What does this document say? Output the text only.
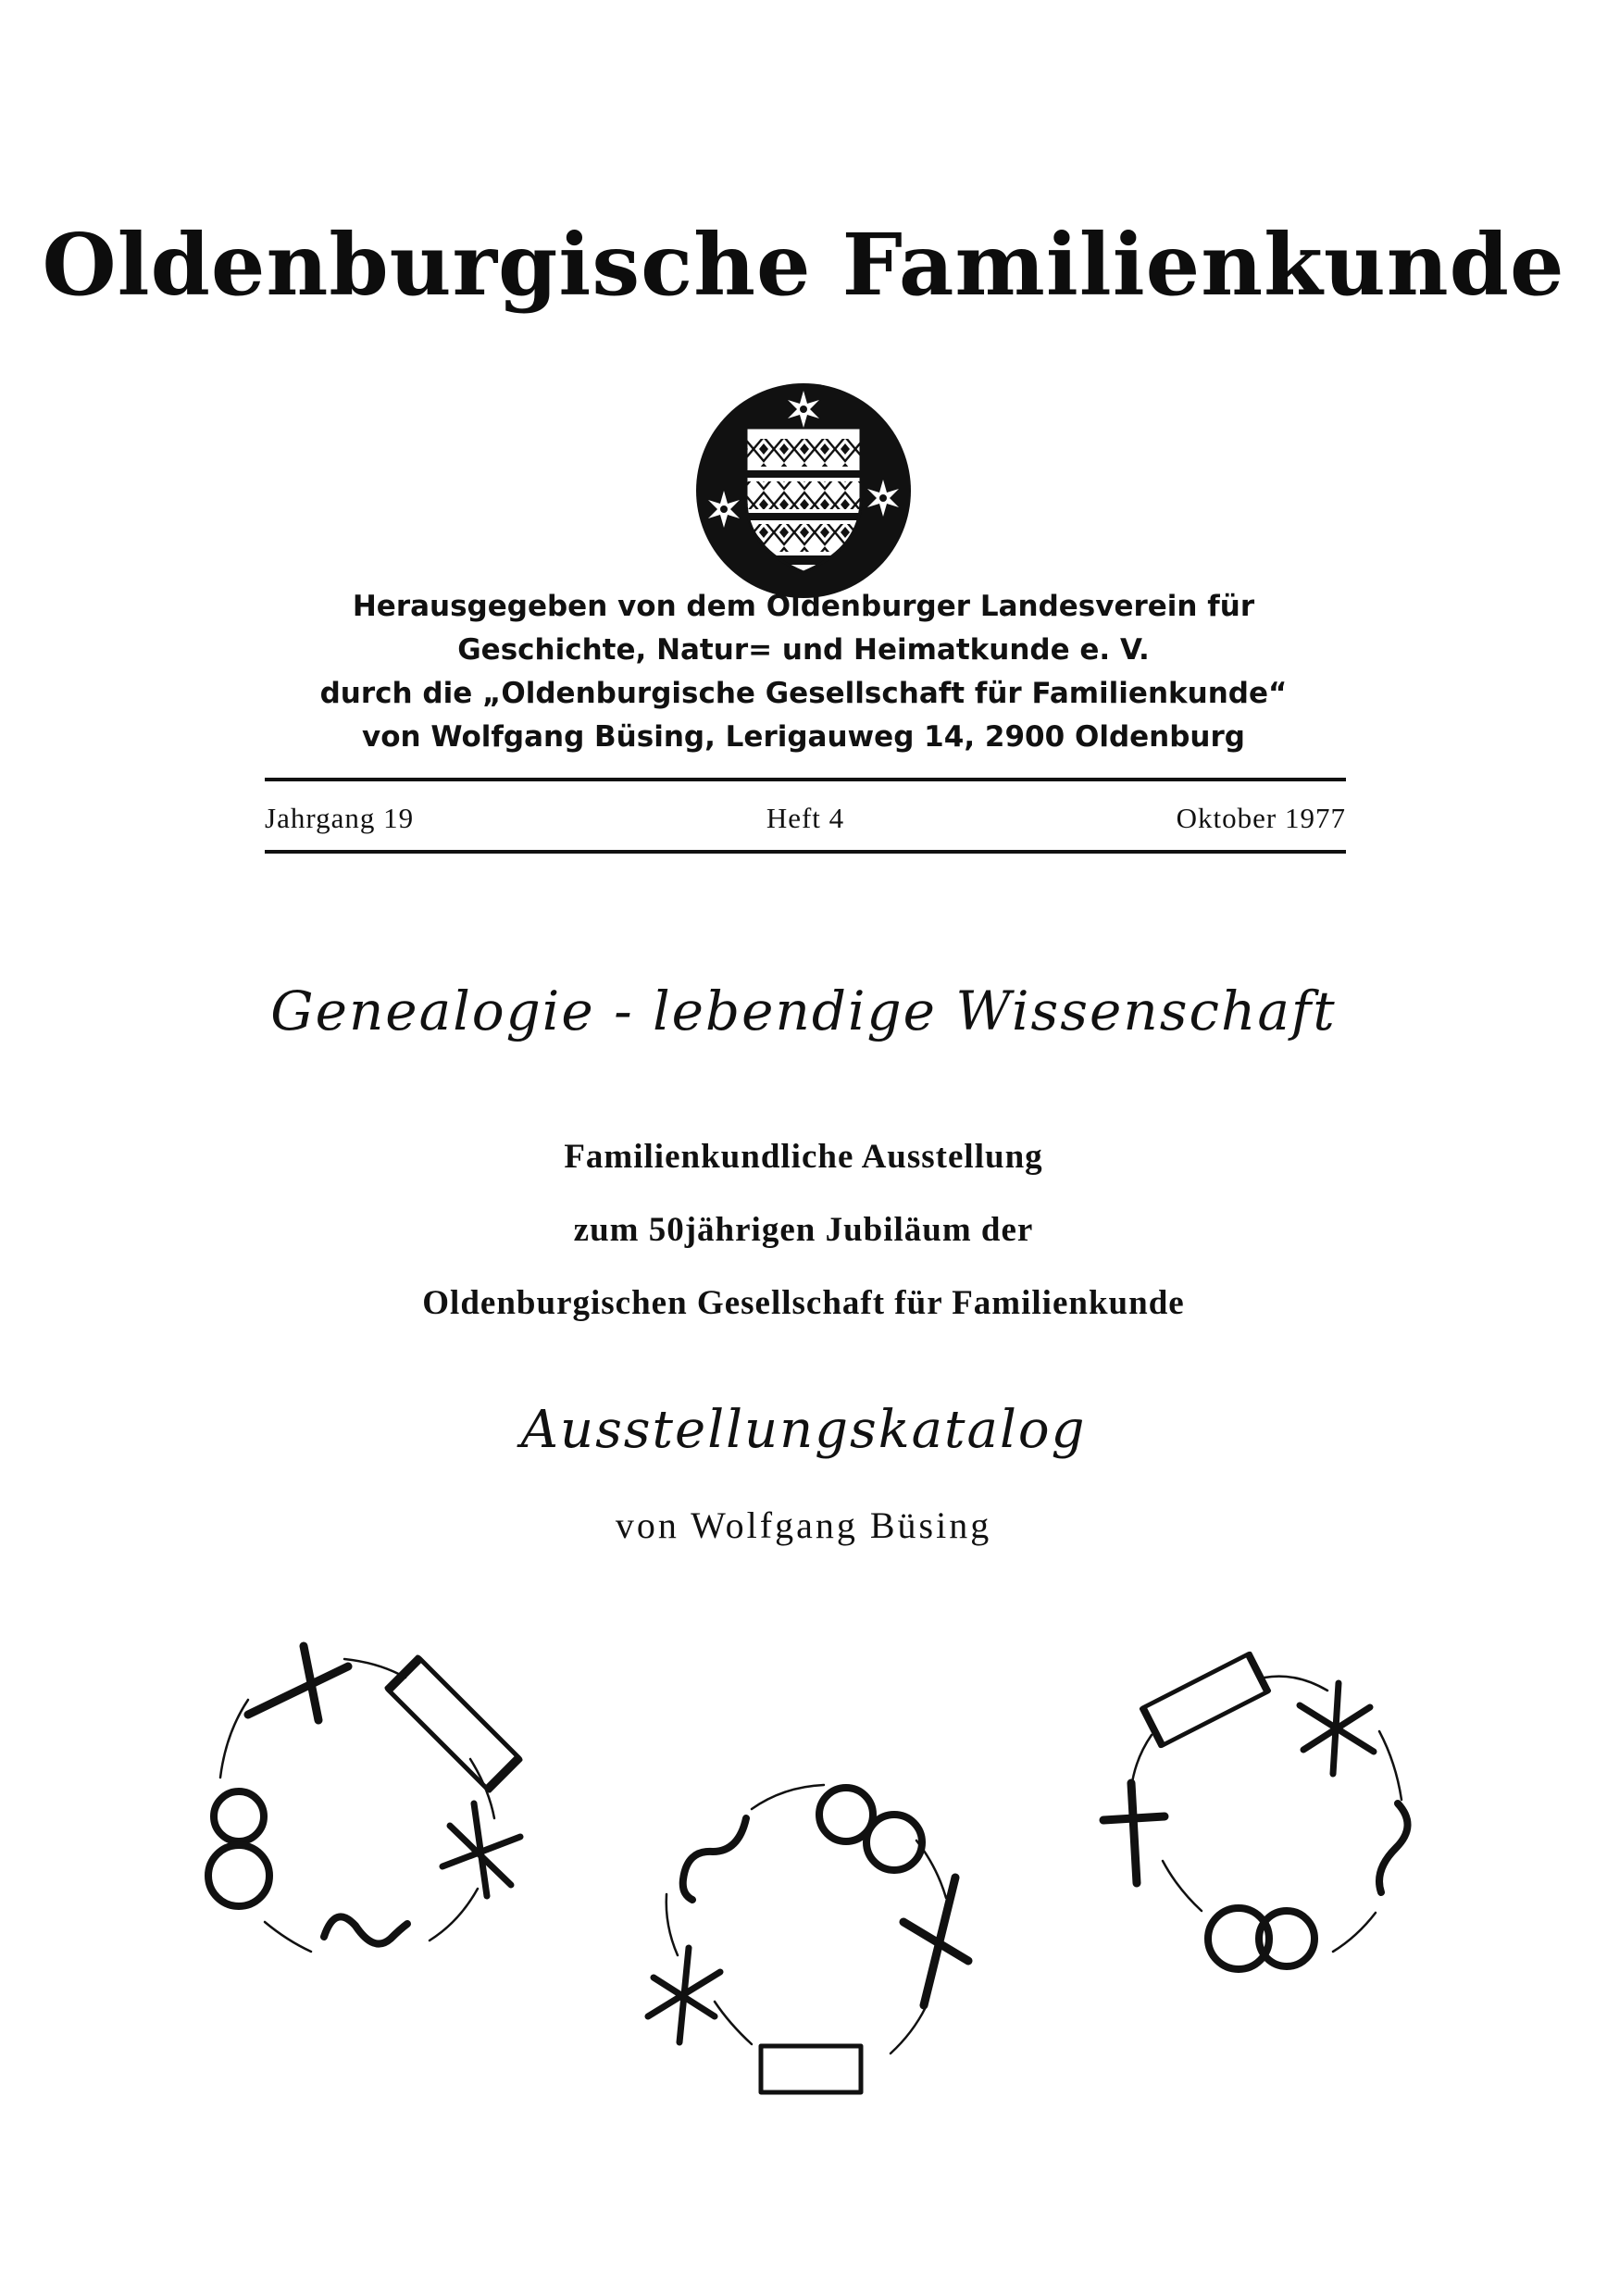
Oldenburgische Familienkunde
Herausgegeben von dem Oldenburger Landesverein für
Geschichte, Natur= und Heimatkunde e. V.
durch die „Oldenburgische Gesellschaft für Familienkunde“
von Wolfgang Büsing, Lerigauweg 14, 2900 Oldenburg
Jahrgang 19	Heft 4	Oktober 1977
Genealogie - lebendige Wissenschaft
Familienkundliche Ausstellung
zum 50jährigen Jubiläum der
Oldenburgischen Gesellschaft für Familienkunde
Ausstellungskatalog
von Wolfgang Büsing
